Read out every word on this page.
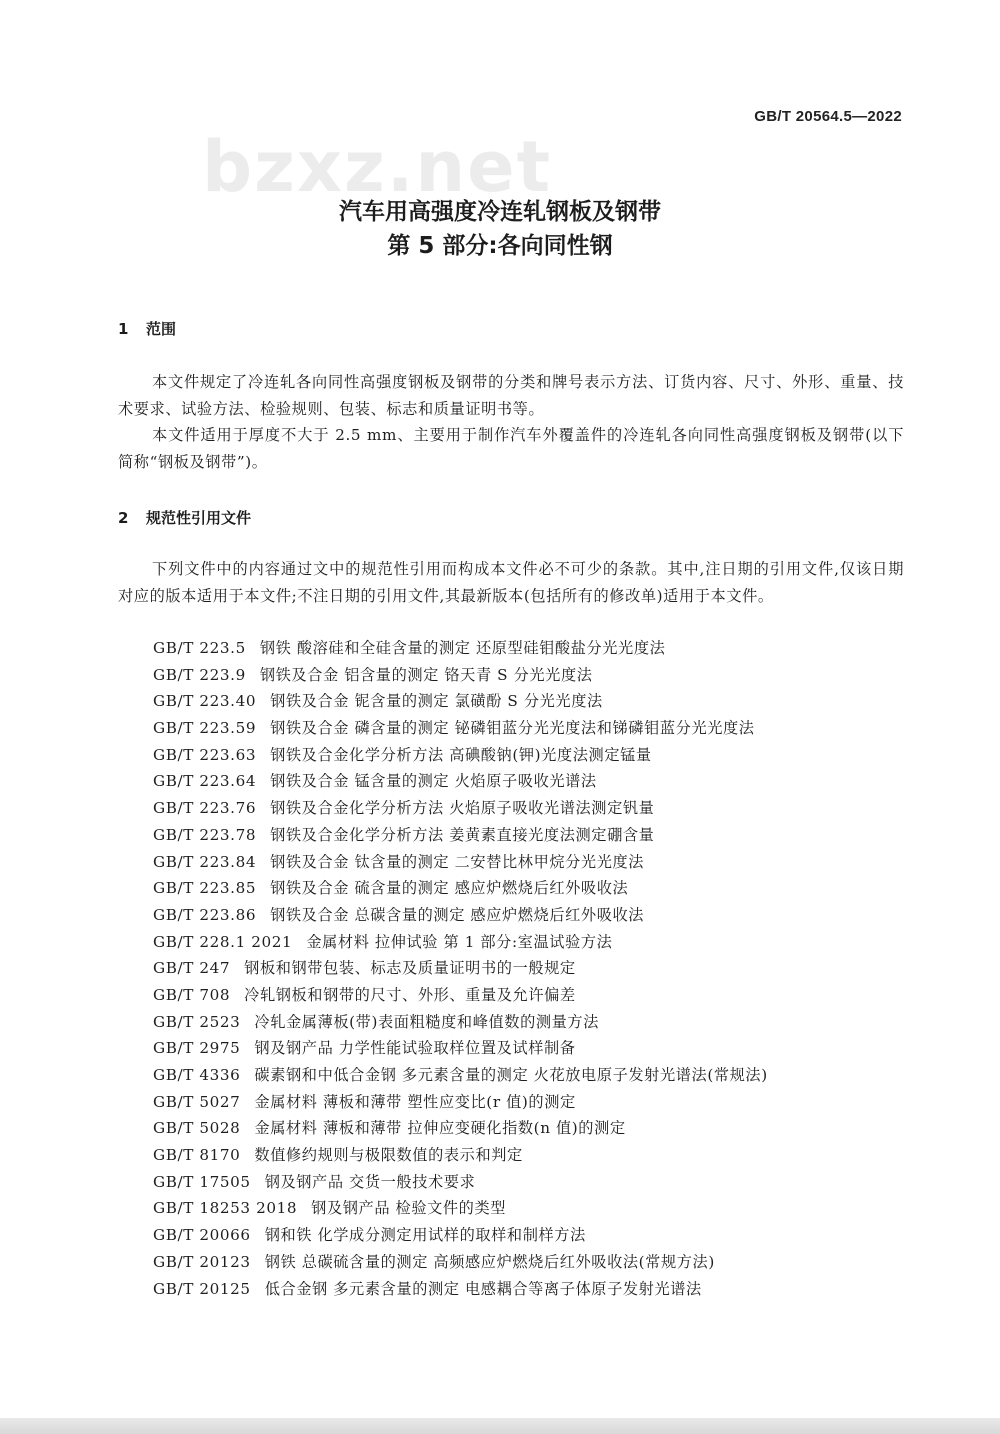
bzxz.net
GB/T 20564.5—2022
汽车用高强度冷连轧钢板及钢带
第 5 部分:各向同性钢
1 范围
本文件规定了冷连轧各向同性高强度钢板及钢带的分类和牌号表示方法、订货内容、尺寸、外形、重量、技术要求、试验方法、检验规则、包装、标志和质量证明书等。
本文件适用于厚度不大于 2.5 mm、主要用于制作汽车外覆盖件的冷连轧各向同性高强度钢板及钢带(以下简称“钢板及钢带”)。
2 规范性引用文件
下列文件中的内容通过文中的规范性引用而构成本文件必不可少的条款。其中,注日期的引用文件,仅该日期对应的版本适用于本文件;不注日期的引用文件,其最新版本(包括所有的修改单)适用于本文件。
GB/T 223.5 钢铁 酸溶硅和全硅含量的测定 还原型硅钼酸盐分光光度法
GB/T 223.9 钢铁及合金 铝含量的测定 铬天青 S 分光光度法
GB/T 223.40 钢铁及合金 铌含量的测定 氯磺酚 S 分光光度法
GB/T 223.59 钢铁及合金 磷含量的测定 铋磷钼蓝分光光度法和锑磷钼蓝分光光度法
GB/T 223.63 钢铁及合金化学分析方法 高碘酸钠(钾)光度法测定锰量
GB/T 223.64 钢铁及合金 锰含量的测定 火焰原子吸收光谱法
GB/T 223.76 钢铁及合金化学分析方法 火焰原子吸收光谱法测定钒量
GB/T 223.78 钢铁及合金化学分析方法 姜黄素直接光度法测定硼含量
GB/T 223.84 钢铁及合金 钛含量的测定 二安替比林甲烷分光光度法
GB/T 223.85 钢铁及合金 硫含量的测定 感应炉燃烧后红外吸收法
GB/T 223.86 钢铁及合金 总碳含量的测定 感应炉燃烧后红外吸收法
GB/T 228.1 2021 金属材料 拉伸试验 第 1 部分:室温试验方法
GB/T 247 钢板和钢带包装、标志及质量证明书的一般规定
GB/T 708 冷轧钢板和钢带的尺寸、外形、重量及允许偏差
GB/T 2523 冷轧金属薄板(带)表面粗糙度和峰值数的测量方法
GB/T 2975 钢及钢产品 力学性能试验取样位置及试样制备
GB/T 4336 碳素钢和中低合金钢 多元素含量的测定 火花放电原子发射光谱法(常规法)
GB/T 5027 金属材料 薄板和薄带 塑性应变比(r 值)的测定
GB/T 5028 金属材料 薄板和薄带 拉伸应变硬化指数(n 值)的测定
GB/T 8170 数值修约规则与极限数值的表示和判定
GB/T 17505 钢及钢产品 交货一般技术要求
GB/T 18253 2018 钢及钢产品 检验文件的类型
GB/T 20066 钢和铁 化学成分测定用试样的取样和制样方法
GB/T 20123 钢铁 总碳硫含量的测定 高频感应炉燃烧后红外吸收法(常规方法)
GB/T 20125 低合金钢 多元素含量的测定 电感耦合等离子体原子发射光谱法
